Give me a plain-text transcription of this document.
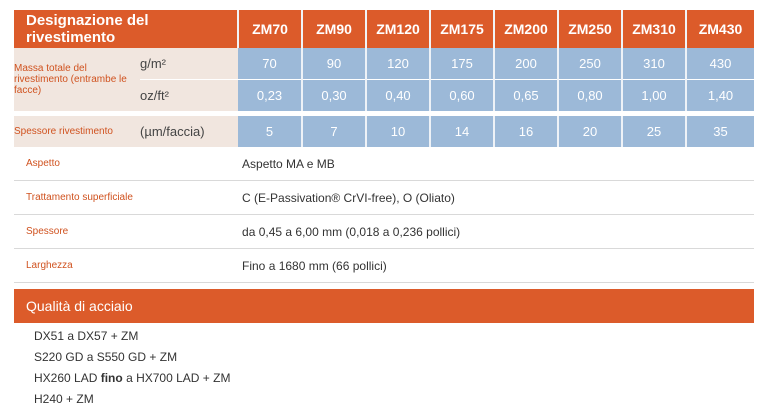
Designazione del rivestimento		ZM70	ZM90	ZM120	ZM175	ZM200	ZM250	ZM310	ZM430
Massa totale del rivestimento (entrambe le facce)	g/m²	70	90	120	175	200	250	310	430
	oz/ft²	0,23	0,30	0,40	0,60	0,65	0,80	1,00	1,40
Spessore rivestimento	(µm/faccia)	5	7	10	14	16	20	25	35
Aspetto		Aspetto MA e MB							
Trattamento superficiale		C (E-Passivation® CrVI-free), O (Oliato)							
Spessore		da 0,45 a 6,00 mm (0,018 a 0,236 pollici)							
Larghezza		Fino a 1680 mm (66 pollici)							
Qualità di acciaio
DX51 a DX57 + ZM
S220 GD a S550 GD + ZM
HX260 LAD fino a HX700 LAD + ZM
H240 + ZM
